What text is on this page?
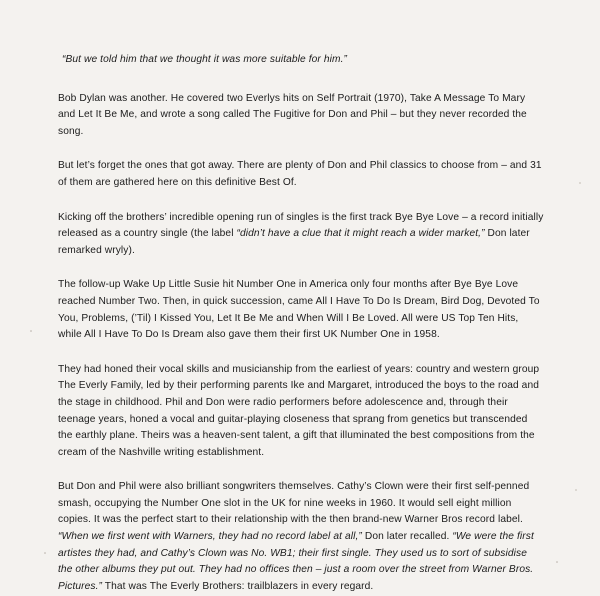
“But we told him that we thought it was more suitable for him.”

Bob Dylan was another. He covered two Everlys hits on Self Portrait (1970), Take A Message To Mary and Let It Be Me, and wrote a song called The Fugitive for Don and Phil – but they never recorded the song.

But let’s forget the ones that got away. There are plenty of Don and Phil classics to choose from – and 31 of them are gathered here on this definitive Best Of.

Kicking off the brothers’ incredible opening run of singles is the first track Bye Bye Love – a record initially released as a country single (the label “didn’t have a clue that it might reach a wider market,” Don later remarked wryly).

The follow-up Wake Up Little Susie hit Number One in America only four months after Bye Bye Love reached Number Two. Then, in quick succession, came All I Have To Do Is Dream, Bird Dog, Devoted To You, Problems, (’Til) I Kissed You, Let It Be Me and When Will I Be Loved. All were US Top Ten Hits, while All I Have To Do Is Dream also gave them their first UK Number One in 1958.

They had honed their vocal skills and musicianship from the earliest of years: country and western group The Everly Family, led by their performing parents Ike and Margaret, introduced the boys to the road and the stage in childhood. Phil and Don were radio performers before adolescence and, through their teenage years, honed a vocal and guitar-playing closeness that sprang from genetics but transcended the earthly plane. Theirs was a heaven-sent talent, a gift that illuminated the best compositions from the cream of the Nashville writing establishment.

But Don and Phil were also brilliant songwriters themselves. Cathy’s Clown were their first self-penned smash, occupying the Number One slot in the UK for nine weeks in 1960. It would sell eight million copies. It was the perfect start to their relationship with the then brand-new Warner Bros record label. “When we first went with Warners, they had no record label at all,” Don later recalled. “We were the first artistes they had, and Cathy’s Clown was No. WB1; their first single. They used us to sort of subsidise the other albums they put out. They had no offices then – just a room over the street from Warner Bros. Pictures.” That was The Everly Brothers: trailblazers in every regard.
